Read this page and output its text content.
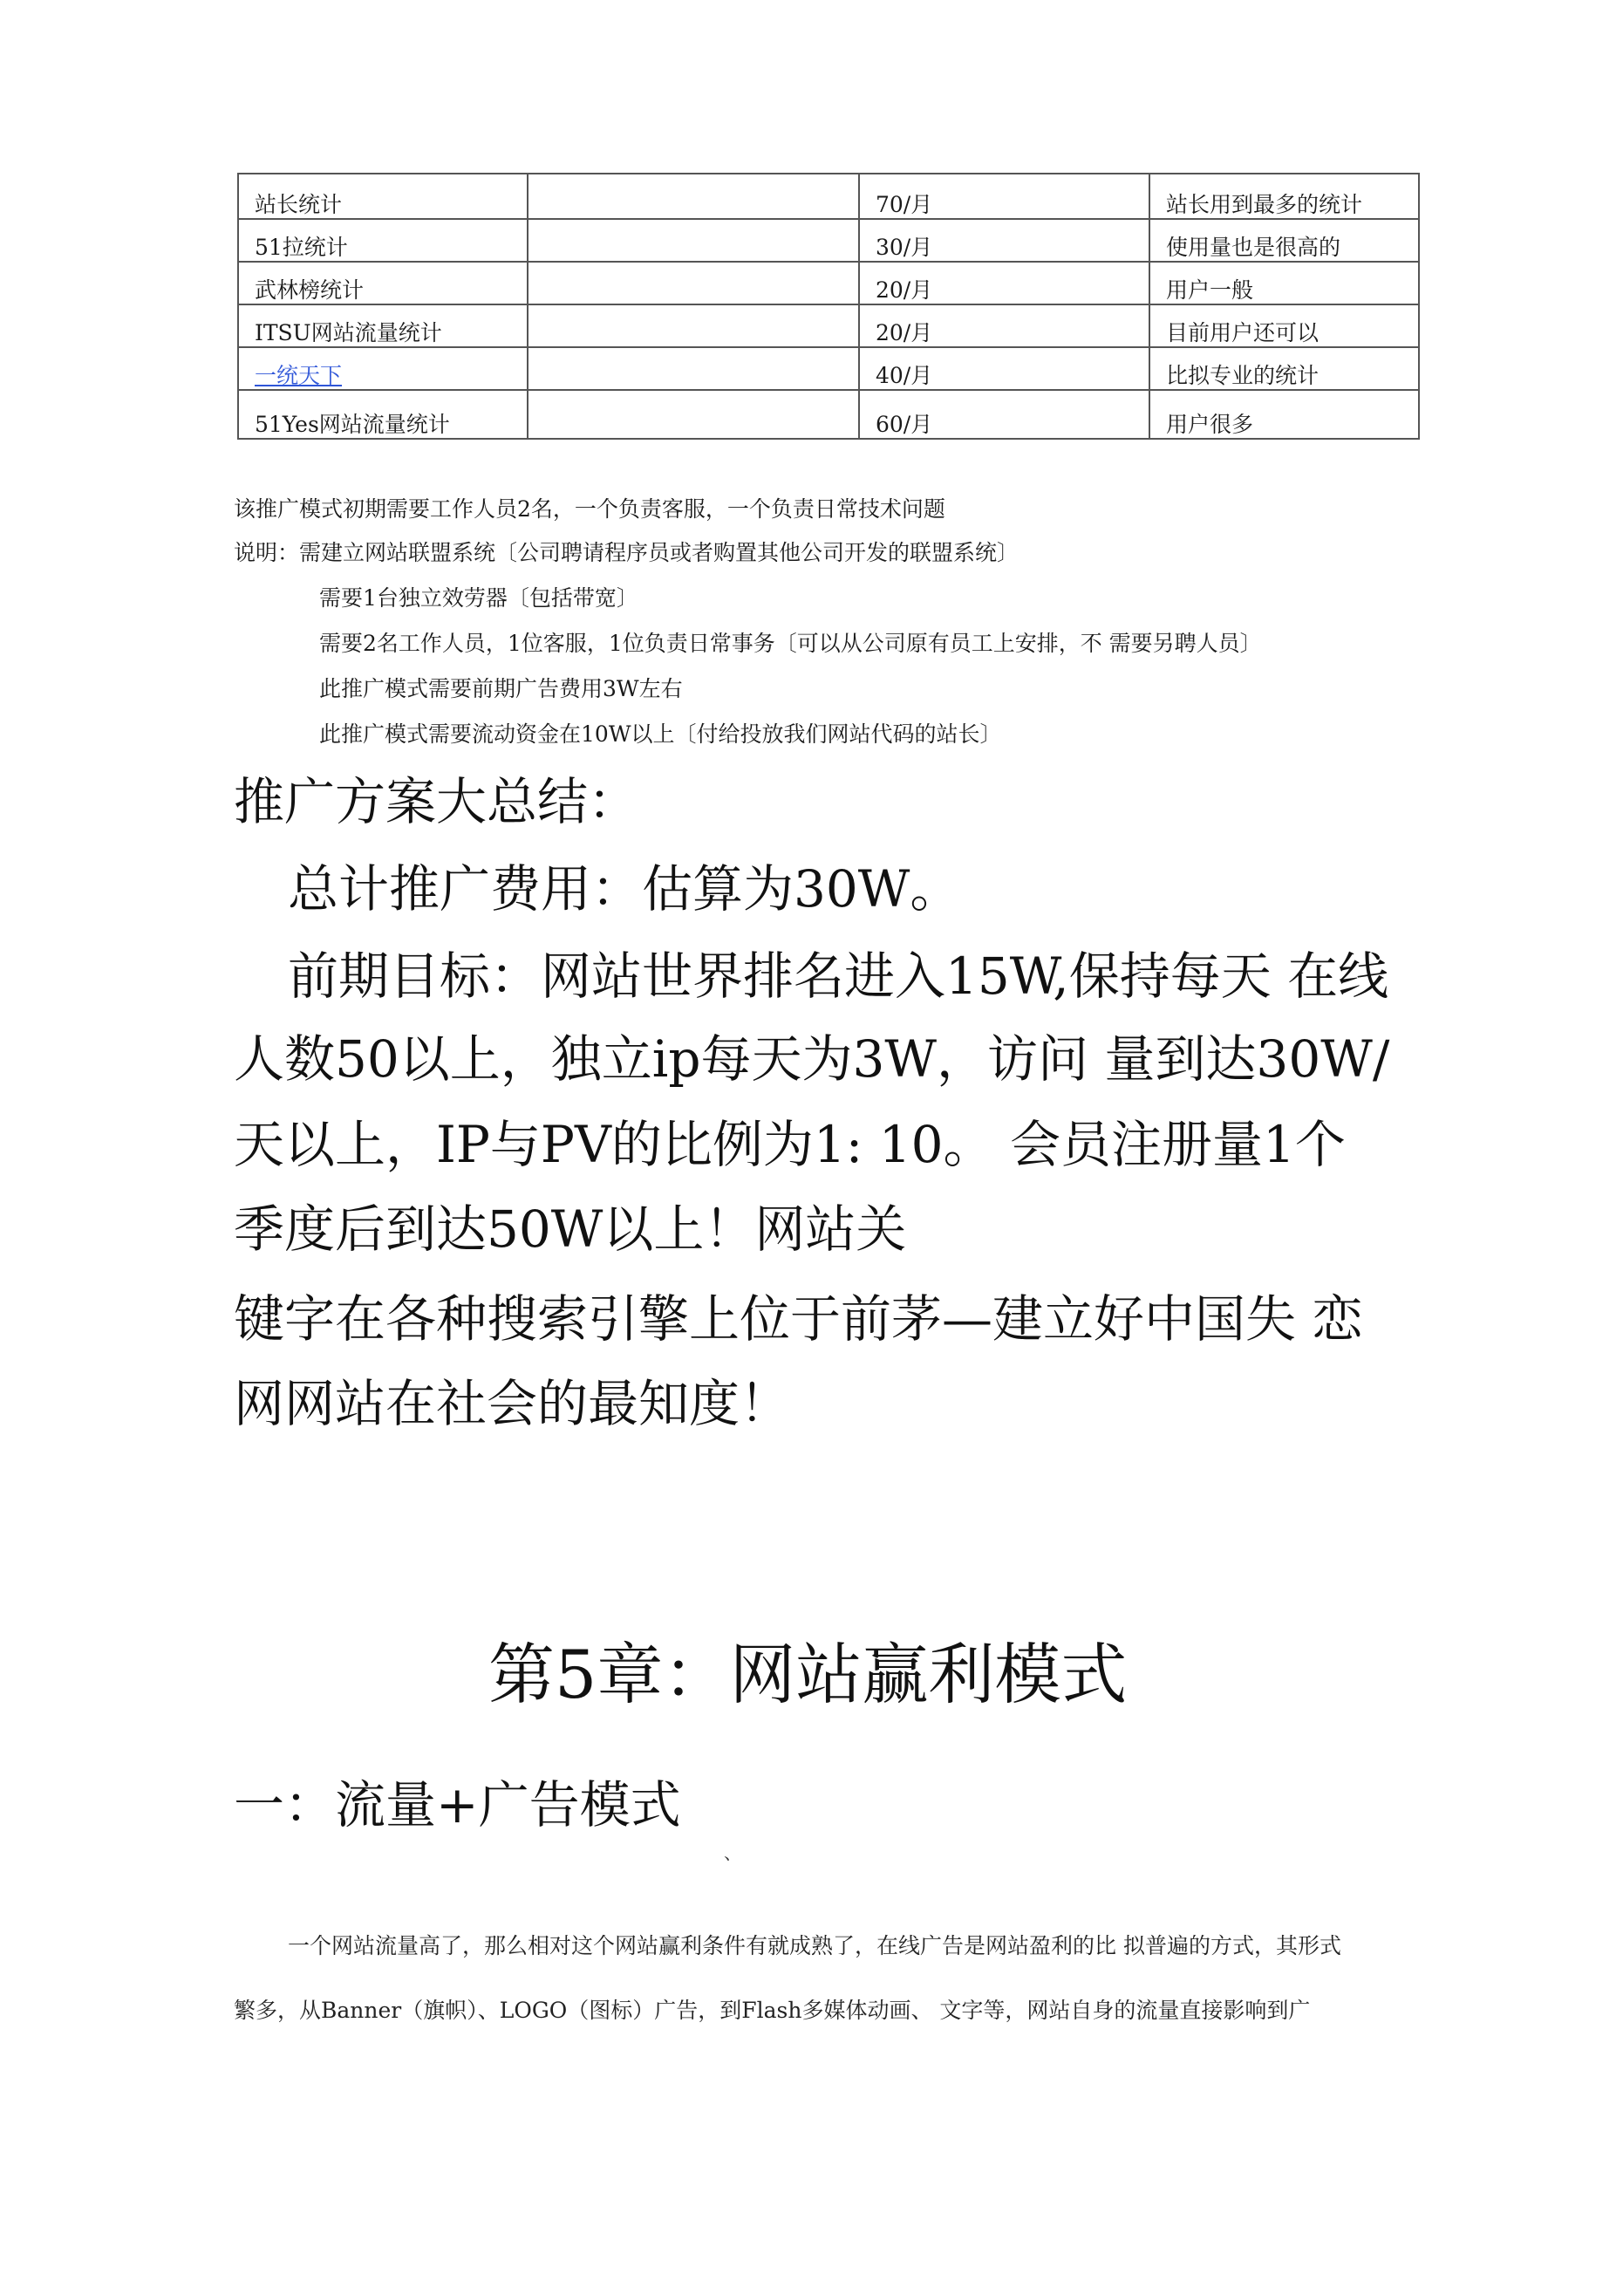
站长统计		70/月	站长用到最多的统计
51拉统计		30/月	使用量也是很高的
武林榜统计		20/月	用户一般
ITSU网站流量统计		20/月	目前用户还可以
一统天下		40/月	比拟专业的统计
51Yes网站流量统计		60/月	用户很多
该推广模式初期需要工作人员2名，一个负责客服，一个负责日常技术问题
说明：需建立网站联盟系统〔公司聘请程序员或者购置其他公司开发的联盟系统〕
需要1台独立效劳器〔包括带宽〕
需要2名工作人员，1位客服，1位负责日常事务〔可以从公司原有员工上安排，不 需要另聘人员〕
此推广模式需要前期广告费用3W左右
此推广模式需要流动资金在10W以上〔付给投放我们网站代码的站长〕
推广方案大总结：
总计推广费用：估算为30W。
前期目标：网站世界排名进入15W,保持每天 在线
人数50以上，独立ip每天为3W，访问 量到达30W/
天以上，IP与PV的比例为1: 10。 会员注册量1个
季度后到达50W以上！网站关
键字在各种搜索引擎上位于前茅—建立好中国失 恋
网网站在社会的最知度！
第5章：网站赢利模式
一：流量+广告模式
、
一个网站流量高了，那么相对这个网站赢利条件有就成熟了，在线广告是网站盈利的比 拟普遍的方式，其形式
繁多，从Banner（旗帜）、LOGO（图标）广告，到Flash多媒体动画、 文字等，网站自身的流量直接影响到广
